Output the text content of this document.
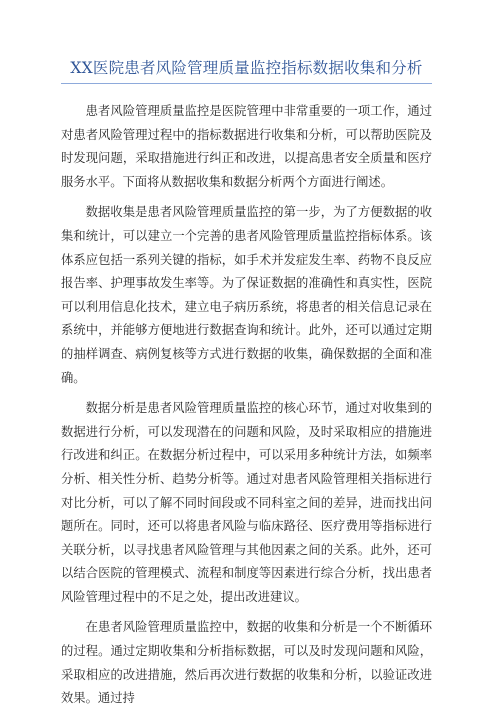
XX医院患者风险管理质量监控指标数据收集和分析

患者风险管理质量监控是医院管理中非常重要的一项工作，通过对患者风险管理过程中的指标数据进行收集和分析，可以帮助医院及时发现问题，采取措施进行纠正和改进，以提高患者安全质量和医疗服务水平。下面将从数据收集和数据分析两个方面进行阐述。

数据收集是患者风险管理质量监控的第一步，为了方便数据的收集和统计，可以建立一个完善的患者风险管理质量监控指标体系。该体系应包括一系列关键的指标，如手术并发症发生率、药物不良反应报告率、护理事故发生率等。为了保证数据的准确性和真实性，医院可以利用信息化技术，建立电子病历系统，将患者的相关信息记录在系统中，并能够方便地进行数据查询和统计。此外，还可以通过定期的抽样调查、病例复核等方式进行数据的收集，确保数据的全面和准确。

数据分析是患者风险管理质量监控的核心环节，通过对收集到的数据进行分析，可以发现潜在的问题和风险，及时采取相应的措施进行改进和纠正。在数据分析过程中，可以采用多种统计方法，如频率分析、相关性分析、趋势分析等。通过对患者风险管理相关指标进行对比分析，可以了解不同时间段或不同科室之间的差异，进而找出问题所在。同时，还可以将患者风险与临床路径、医疗费用等指标进行关联分析，以寻找患者风险管理与其他因素之间的关系。此外，还可以结合医院的管理模式、流程和制度等因素进行综合分析，找出患者风险管理过程中的不足之处，提出改进建议。

在患者风险管理质量监控中，数据的收集和分析是一个不断循环的过程。通过定期收集和分析指标数据，可以及时发现问题和风险，采取相应的改进措施，然后再次进行数据的收集和分析，以验证改进效果。通过持
